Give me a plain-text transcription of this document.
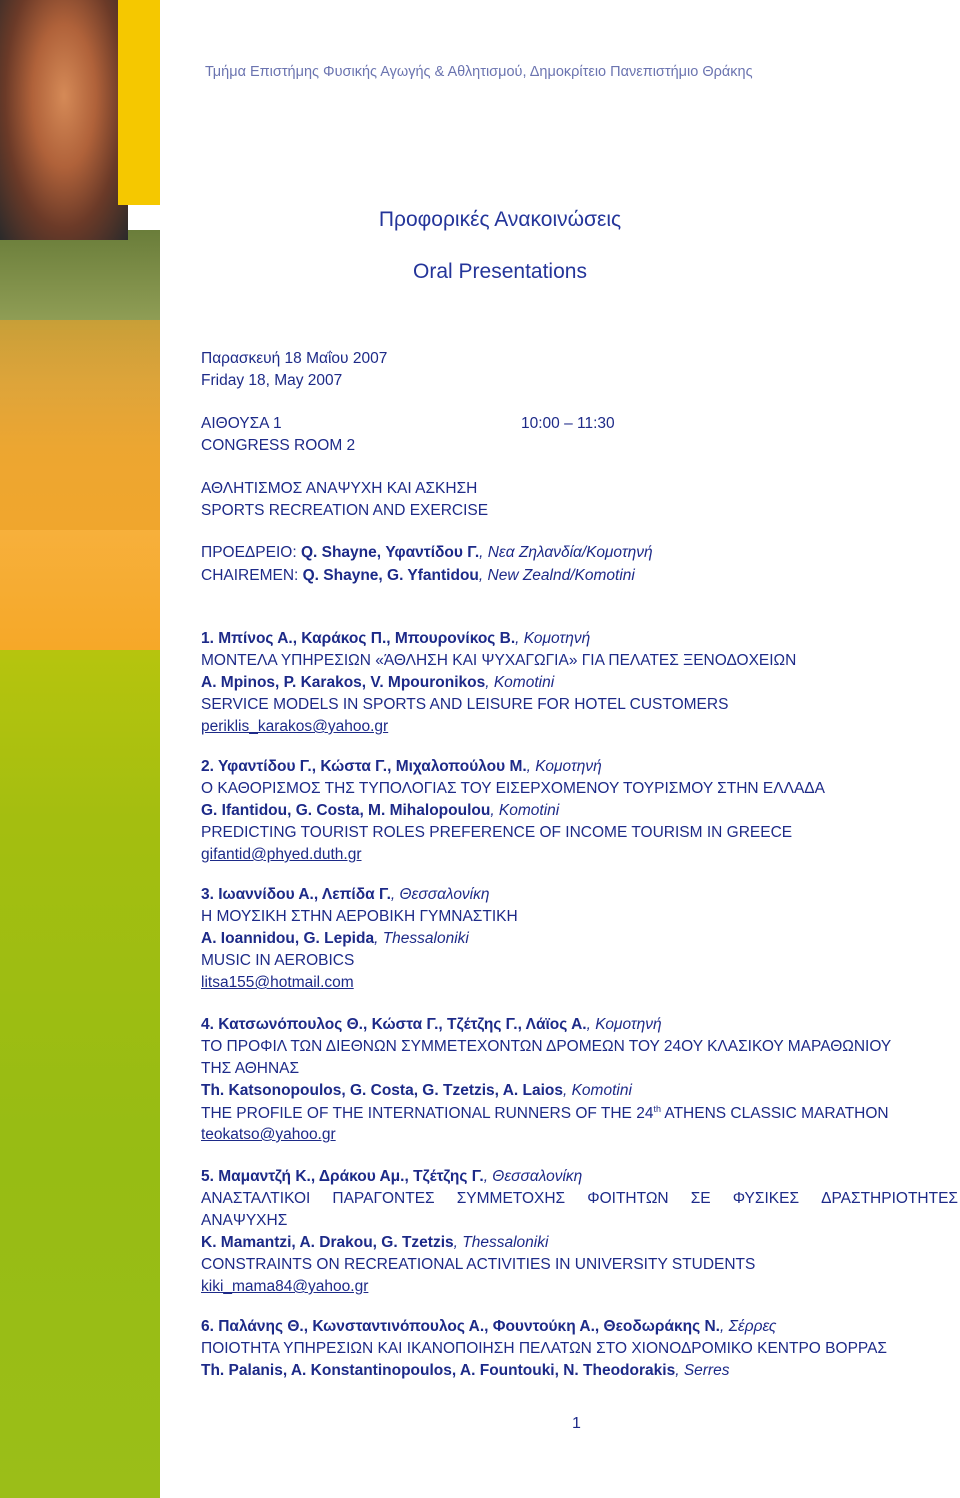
Τμήμα Επιστήμης Φυσικής Αγωγής & Αθλητισμού, Δημοκρίτειο Πανεπιστήμιο Θράκης
Προφορικές Ανακοινώσεις
Oral Presentations
Παρασκευή 18 Μαΐου 2007
Friday 18, May 2007
ΑΙΘΟΥΣΑ 1	10:00 – 11:30
CONGRESS ROOM 2
ΑΘΛΗΤΙΣΜΟΣ ΑΝΑΨΥΧΗ ΚΑΙ ΑΣΚΗΣΗ
SPORTS RECREATION AND EXERCISE
ΠΡΟΕΔΡΕΙΟ: Q. Shayne, Υφαντίδου Γ., Νεα Ζηλανδία/Κομοτηνή
CHAIREMEN: Q. Shayne, G. Yfantidou, New Zealnd/Komotini
1. Μπίνος Α., Καράκος Π., Μπουρονίκος Β., Κομοτηνή
ΜΟΝΤΕΛΑ ΥΠΗΡΕΣΙΩΝ «ΆΘΛΗΣΗ ΚΑΙ ΨΥΧΑΓΩΓΙΑ» ΓΙΑ ΠΕΛΑΤΕΣ ΞΕΝΟΔΟΧΕΙΩΝ
A. Mpinos, P. Karakos, V. Mpouronikos, Komotini
SERVICE MODELS IN SPORTS AND LEISURE FOR HOTEL CUSTOMERS
periklis_karakos@yahoo.gr
2. Υφαντίδου Γ., Κώστα Γ., Μιχαλοπούλου Μ., Κομοτηνή
Ο ΚΑΘΟΡΙΣΜΟΣ ΤΗΣ ΤΥΠΟΛΟΓΙΑΣ ΤΟΥ ΕΙΣΕΡΧΟΜΕΝΟΥ ΤΟΥΡΙΣΜΟΥ ΣΤΗΝ ΕΛΛΑΔΑ
G. Ifantidou, G. Costa, M. Mihalopoulou, Komotini
PREDICTING TOURIST ROLES PREFERENCE OF INCOME TOURISM IN GREECE
gifantid@phyed.duth.gr
3. Ιωαννίδου Α., Λεπίδα Γ., Θεσσαλονίκη
Η ΜΟΥΣΙΚΗ ΣΤΗΝ ΑΕΡΟΒΙΚΗ ΓΥΜΝΑΣΤΙΚΗ
A. Ioannidou, G. Lepida, Thessaloniki
MUSIC IN AEROBICS
litsa155@hotmail.com
4. Κατσωνόπουλος Θ., Κώστα Γ., Τζέτζης Γ., Λάϊος Α., Κομοτηνή
ΤΟ ΠΡΟΦΙΛ ΤΩΝ ΔΙΕΘΝΩΝ ΣΥΜΜΕΤΕΧΟΝΤΩΝ ΔΡΟΜΕΩΝ ΤΟΥ 24ΟΥ ΚΛΑΣΙΚΟΥ ΜΑΡΑΘΩΝΙΟΥ
ΤΗΣ ΑΘΗΝΑΣ
Th. Katsonopoulos, G. Costa, G. Tzetzis, A. Laios, Komotini
THE PROFILE OF THE INTERNATIONAL RUNNERS OF THE 24th ATHENS CLASSIC MARATHON
teokatso@yahoo.gr
5. Μαμαντζή Κ., Δράκου Αμ., Τζέτζης Γ., Θεσσαλονίκη
ΑΝΑΣΤΑΛΤΙΚΟΙ ΠΑΡΑΓΟΝΤΕΣ ΣΥΜΜΕΤΟΧΗΣ ΦΟΙΤΗΤΩΝ ΣΕ ΦΥΣΙΚΕΣ ΔΡΑΣΤΗΡΙΟΤΗΤΕΣ
ΑΝΑΨΥΧΗΣ
K. Mamantzi, A. Drakou, G. Tzetzis, Thessaloniki
CONSTRAINTS ON RECREATIONAL ACTIVITIES IN UNIVERSITY STUDENTS
kiki_mama84@yahoo.gr
6. Παλάνης Θ., Κωνσταντινόπουλος Α., Φουντούκη Α., Θεοδωράκης Ν., Σέρρες
ΠΟΙΟΤΗΤΑ ΥΠΗΡΕΣΙΩΝ ΚΑΙ ΙΚΑΝΟΠΟΙΗΣΗ ΠΕΛΑΤΩΝ ΣΤΟ ΧΙΟΝΟΔΡΟΜΙΚΟ ΚΕΝΤΡΟ ΒΟΡΡΑΣ
Th. Palanis, A. Konstantinopoulos, A. Fountouki, N. Theodorakis, Serres
1
